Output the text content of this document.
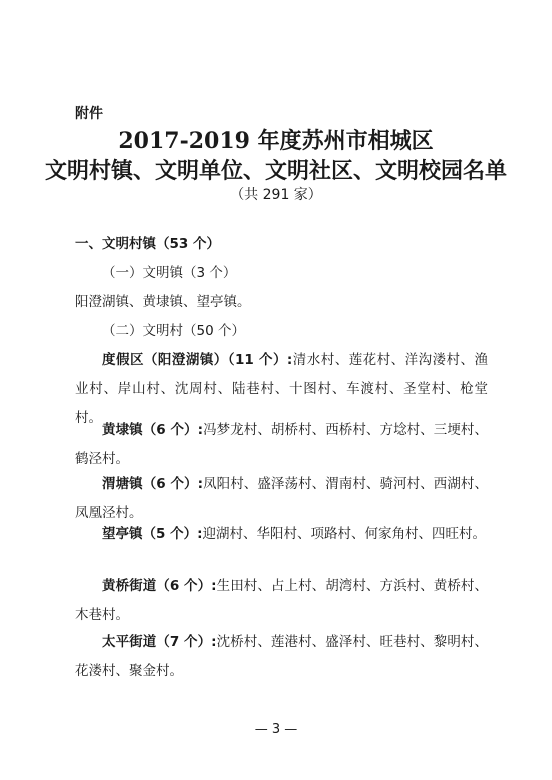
附件
2017-2019 年度苏州市相城区
文明村镇、文明单位、文明社区、文明校园名单
（共 291 家）
一、文明村镇（53 个）
（一）文明镇（3 个）
阳澄湖镇、黄埭镇、望亭镇。
（二）文明村（50 个）
度假区（阳澄湖镇）（11 个）:清水村、莲花村、洋沟溇村、渔业村、岸山村、沈周村、陆巷村、十图村、车渡村、圣堂村、枪堂村。
黄埭镇（6 个）:冯梦龙村、胡桥村、西桥村、方埝村、三埂村、鹤泾村。
渭塘镇（6 个）:凤阳村、盛泽荡村、渭南村、骑河村、西湖村、凤凰泾村。
望亭镇（5 个）:迎湖村、华阳村、项路村、何家角村、四旺村。
黄桥街道（6 个）:生田村、占上村、胡湾村、方浜村、黄桥村、木巷村。
太平街道（7 个）:沈桥村、莲港村、盛泽村、旺巷村、黎明村、花溇村、聚金村。
— 3 —
